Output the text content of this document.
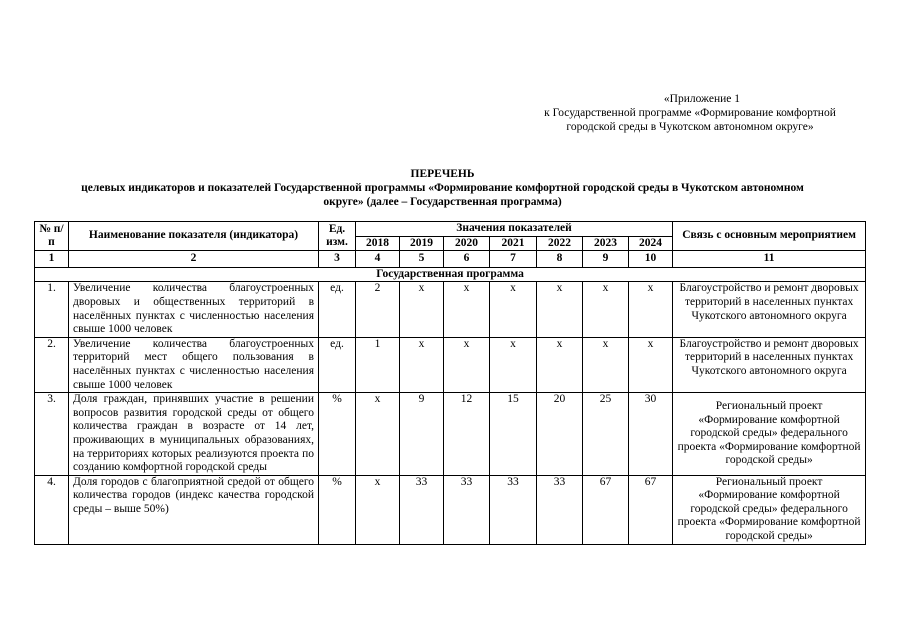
«Приложение 1
к Государственной программе «Формирование комфортной
городской среды в Чукотском автономном округе»
ПЕРЕЧЕНЬ
целевых индикаторов и показателей Государственной программы «Формирование комфортной городской среды в Чукотском автономном
округе» (далее – Государственная программа)
№ п/п	Наименование показателя (индикатора)	Ед. изм.	Значения показателей							Связь с основным мероприятием
			2018	2019	2020	2021	2022	2023	2024	
1	2	3	4	5	6	7	8	9	10	11
Государственная программа										
1.	Увеличение количества благоустроенных дворовых и общественных территорий в населённых пунктах с численностью населения свыше 1000 человек	ед.	2	х	х	х	х	х	х	Благоустройство и ремонт дворовых территорий в населенных пунктах Чукотского автономного округа
2.	Увеличение количества благоустроенных территорий мест общего пользования в населённых пунктах с численностью населения свыше 1000 человек	ед.	1	х	х	х	х	х	х	Благоустройство и ремонт дворовых территорий в населенных пунктах Чукотского автономного округа
3.	Доля граждан, принявших участие в решении вопросов развития городской среды от общего количества граждан в возрасте от 14 лет, проживающих в муниципальных образованиях, на территориях которых реализуются проекта по созданию комфортной городской среды	%	х	9	12	15	20	25	30	Региональный проект «Формирование комфортной городской среды» федерального проекта «Формирование комфортной городской среды»
4.	Доля городов с благоприятной средой от общего количества городов (индекс качества городской среды – выше 50%)	%	х	33	33	33	33	67	67	Региональный проект «Формирование комфортной городской среды» федерального проекта «Формирование комфортной городской среды»
